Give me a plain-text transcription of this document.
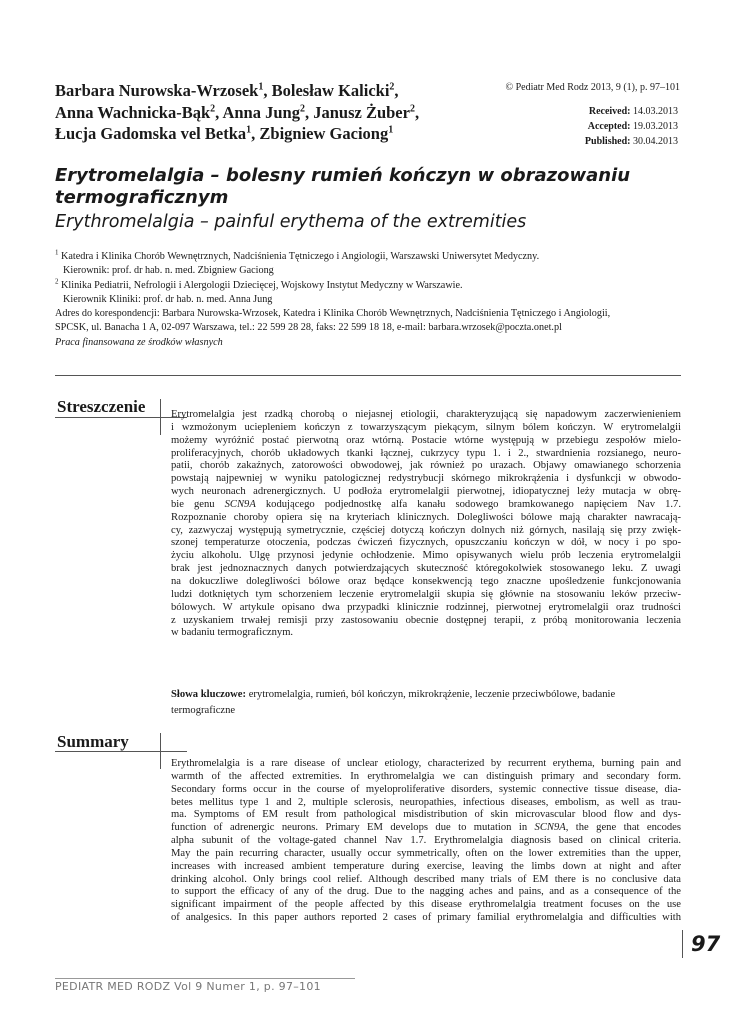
Barbara Nurowska-Wrzosek$^1$, Bolesław Kalicki$^2$,
Anna Wachnicka-Bąk$^2$, Anna Jung$^2$, Janusz Żuber$^2$,
Łucja Gadomska vel Betka$^1$, Zbigniew Gaciong$^1$
© Pediatr Med Rodz 2013, 9 (1), p. 97–101
Received: 14.03.2013
Accepted: 19.03.2013
Published: 30.04.2013
Erytromelalgia – bolesny rumień kończyn w obrazowaniu
termograficznym
Erythromelalgia – painful erythema of the extremities
$^1$ Katedra i Klinika Chorób Wewnętrznych, Nadciśnienia Tętniczego i Angiologii, Warszawski Uniwersytet Medyczny.
Kierownik: prof. dr hab. n. med. Zbigniew Gaciong
$^2$ Klinika Pediatrii, Nefrologii i Alergologii Dziecięcej, Wojskowy Instytut Medyczny w Warszawie.
Kierownik Kliniki: prof. dr hab. n. med. Anna Jung
Adres do korespondencji: Barbara Nurowska-Wrzosek, Katedra i Klinika Chorób Wewnętrznych, Nadciśnienia Tętniczego i Angiologii,
SPCSK, ul. Banacha 1 A, 02-097 Warszawa, tel.: 22 599 28 28, faks: 22 599 18 18, e-mail: barbara.wrzosek@poczta.onet.pl
Praca finansowana ze środków własnych
Streszczenie Erytromelalgia jest rzadką chorobą o niejasnej etiologii, charakteryzującą się napadowym zaczerwienieniem
i wzmożonym uciepleniem kończyn z towarzyszącym piekącym, silnym bólem kończyn. W erytromelalgii
możemy wyróżnić postać pierwotną oraz wtórną. Postacie wtórne występują w przebiegu zespołów mielo-
proliferacyjnych, chorób układowych tkanki łącznej, cukrzycy typu 1. i 2., stwardnienia rozsianego, neuro-
patii, chorób zakaźnych, zatorowości obwodowej, jak również po urazach. Objawy omawianego schorzenia
powstają najpewniej w wyniku patologicznej redystrybucji skórnego mikrokrążenia i dysfunkcji w obwodo-
wych neuronach adrenergicznych. U podłoża erytromelalgii pierwotnej, idiopatycznej leży mutacja w obrę-
bie genu SCN9A kodującego podjednostkę alfa kanału sodowego bramkowanego napięciem Nav 1.7.
Rozpoznanie choroby opiera się na kryteriach klinicznych. Dolegliwości bólowe mają charakter nawracają-
cy, zazwyczaj występują symetrycznie, częściej dotyczą kończyn dolnych niż górnych, nasilają się przy zwięk-
szonej temperaturze otoczenia, podczas ćwiczeń fizycznych, opuszczaniu kończyn w dół, w nocy i po spo-
życiu alkoholu. Ulgę przynosi jedynie ochłodzenie. Mimo opisywanych wielu prób leczenia erytromelalgii
brak jest jednoznacznych danych potwierdzających skuteczność któregokolwiek stosowanego leku. Z uwagi
na dokuczliwe dolegliwości bólowe oraz będące konsekwencją tego znaczne upośledzenie funkcjonowania
ludzi dotkniętych tym schorzeniem leczenie erytromelalgii skupia się głównie na stosowaniu leków przeciw-
bólowych. W artykule opisano dwa przypadki klinicznie rodzinnej, pierwotnej erytromelalgii oraz trudności
z uzyskaniem trwałej remisji przy zastosowaniu obecnie dostępnej terapii, z próbą monitorowania leczenia
w badaniu termograficznym.
Słowa kluczowe: erytromelalgia, rumień, ból kończyn, mikrokrążenie, leczenie przeciwbólowe, badanie termograficzne
Summary
Erythromelalgia is a rare disease of unclear etiology, characterized by recurrent erythema, burning pain and
warmth of the affected extremities. In erythromelalgia we can distinguish primary and secondary form.
Secondary forms occur in the course of myeloproliferative disorders, systemic connective tissue disease, dia-
betes mellitus type 1 and 2, multiple sclerosis, neuropathies, infectious diseases, embolism, as well as trau-
ma. Symptoms of EM result from pathological misdistribution of skin microvascular blood flow and dys-
function of adrenergic neurons. Primary EM develops due to mutation in SCN9A, the gene that encodes
alpha subunit of the voltage-gated channel Nav 1.7. Erythromelalgia diagnosis based on clinical criteria.
May the pain recurring character, usually occur symmetrically, often on the lower extremities than the upper,
increases with increased ambient temperature during exercise, leaving the limbs down at night and after
drinking alcohol. Only brings cool relief. Although described many trials of EM there is no conclusive data
to support the efficacy of any of the drug. Due to the nagging aches and pains, and as a consequence of the
significant impairment of the people affected by this disease erythromelalgia treatment focuses on the use
of analgesics. In this paper authors reported 2 cases of primary familial erythromelalgia and difficulties with
97
PEDIATR MED RODZ Vol 9 Numer 1, p. 97–101
